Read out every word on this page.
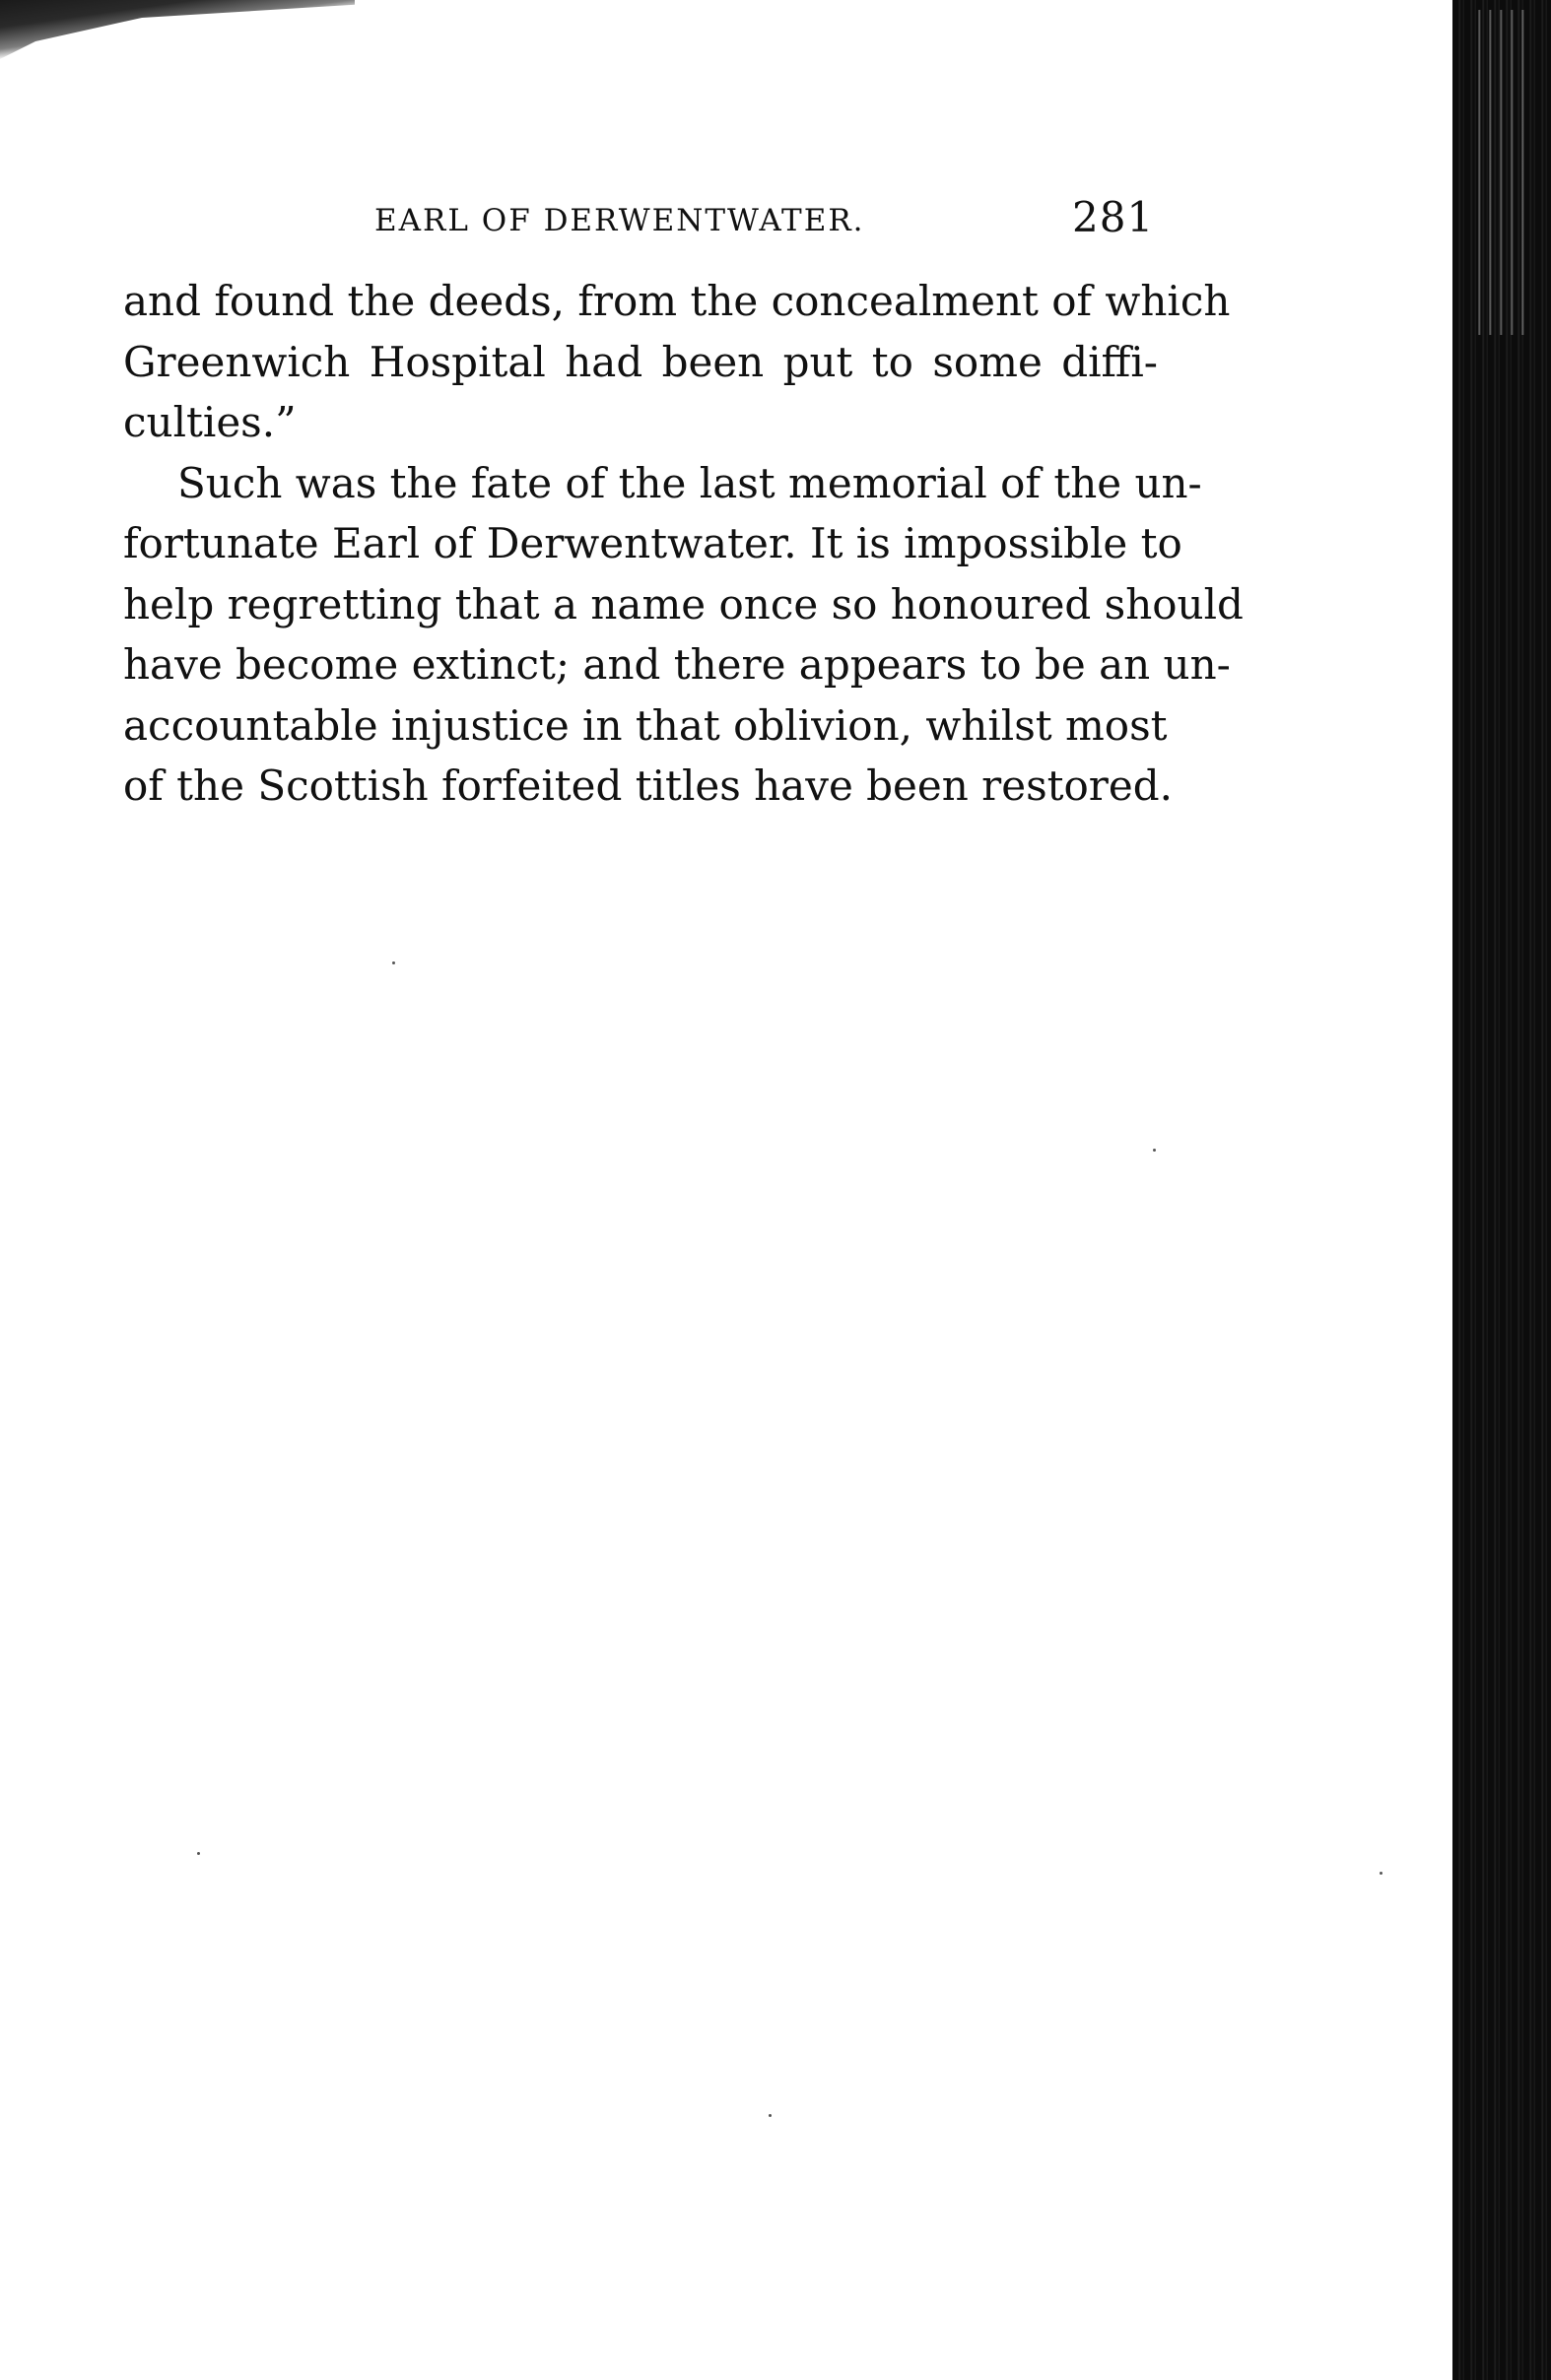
EARL OF DERWENTWATER.	281
and found the deeds, from the concealment of which
Greenwich Hospital had been put to some diffi-
culties.”
Such was the fate of the last memorial of the un-
fortunate Earl of Derwentwater. It is impossible to
help regretting that a name once so honoured should
have become extinct; and there appears to be an un-
accountable injustice in that oblivion, whilst most
of the Scottish forfeited titles have been restored.
